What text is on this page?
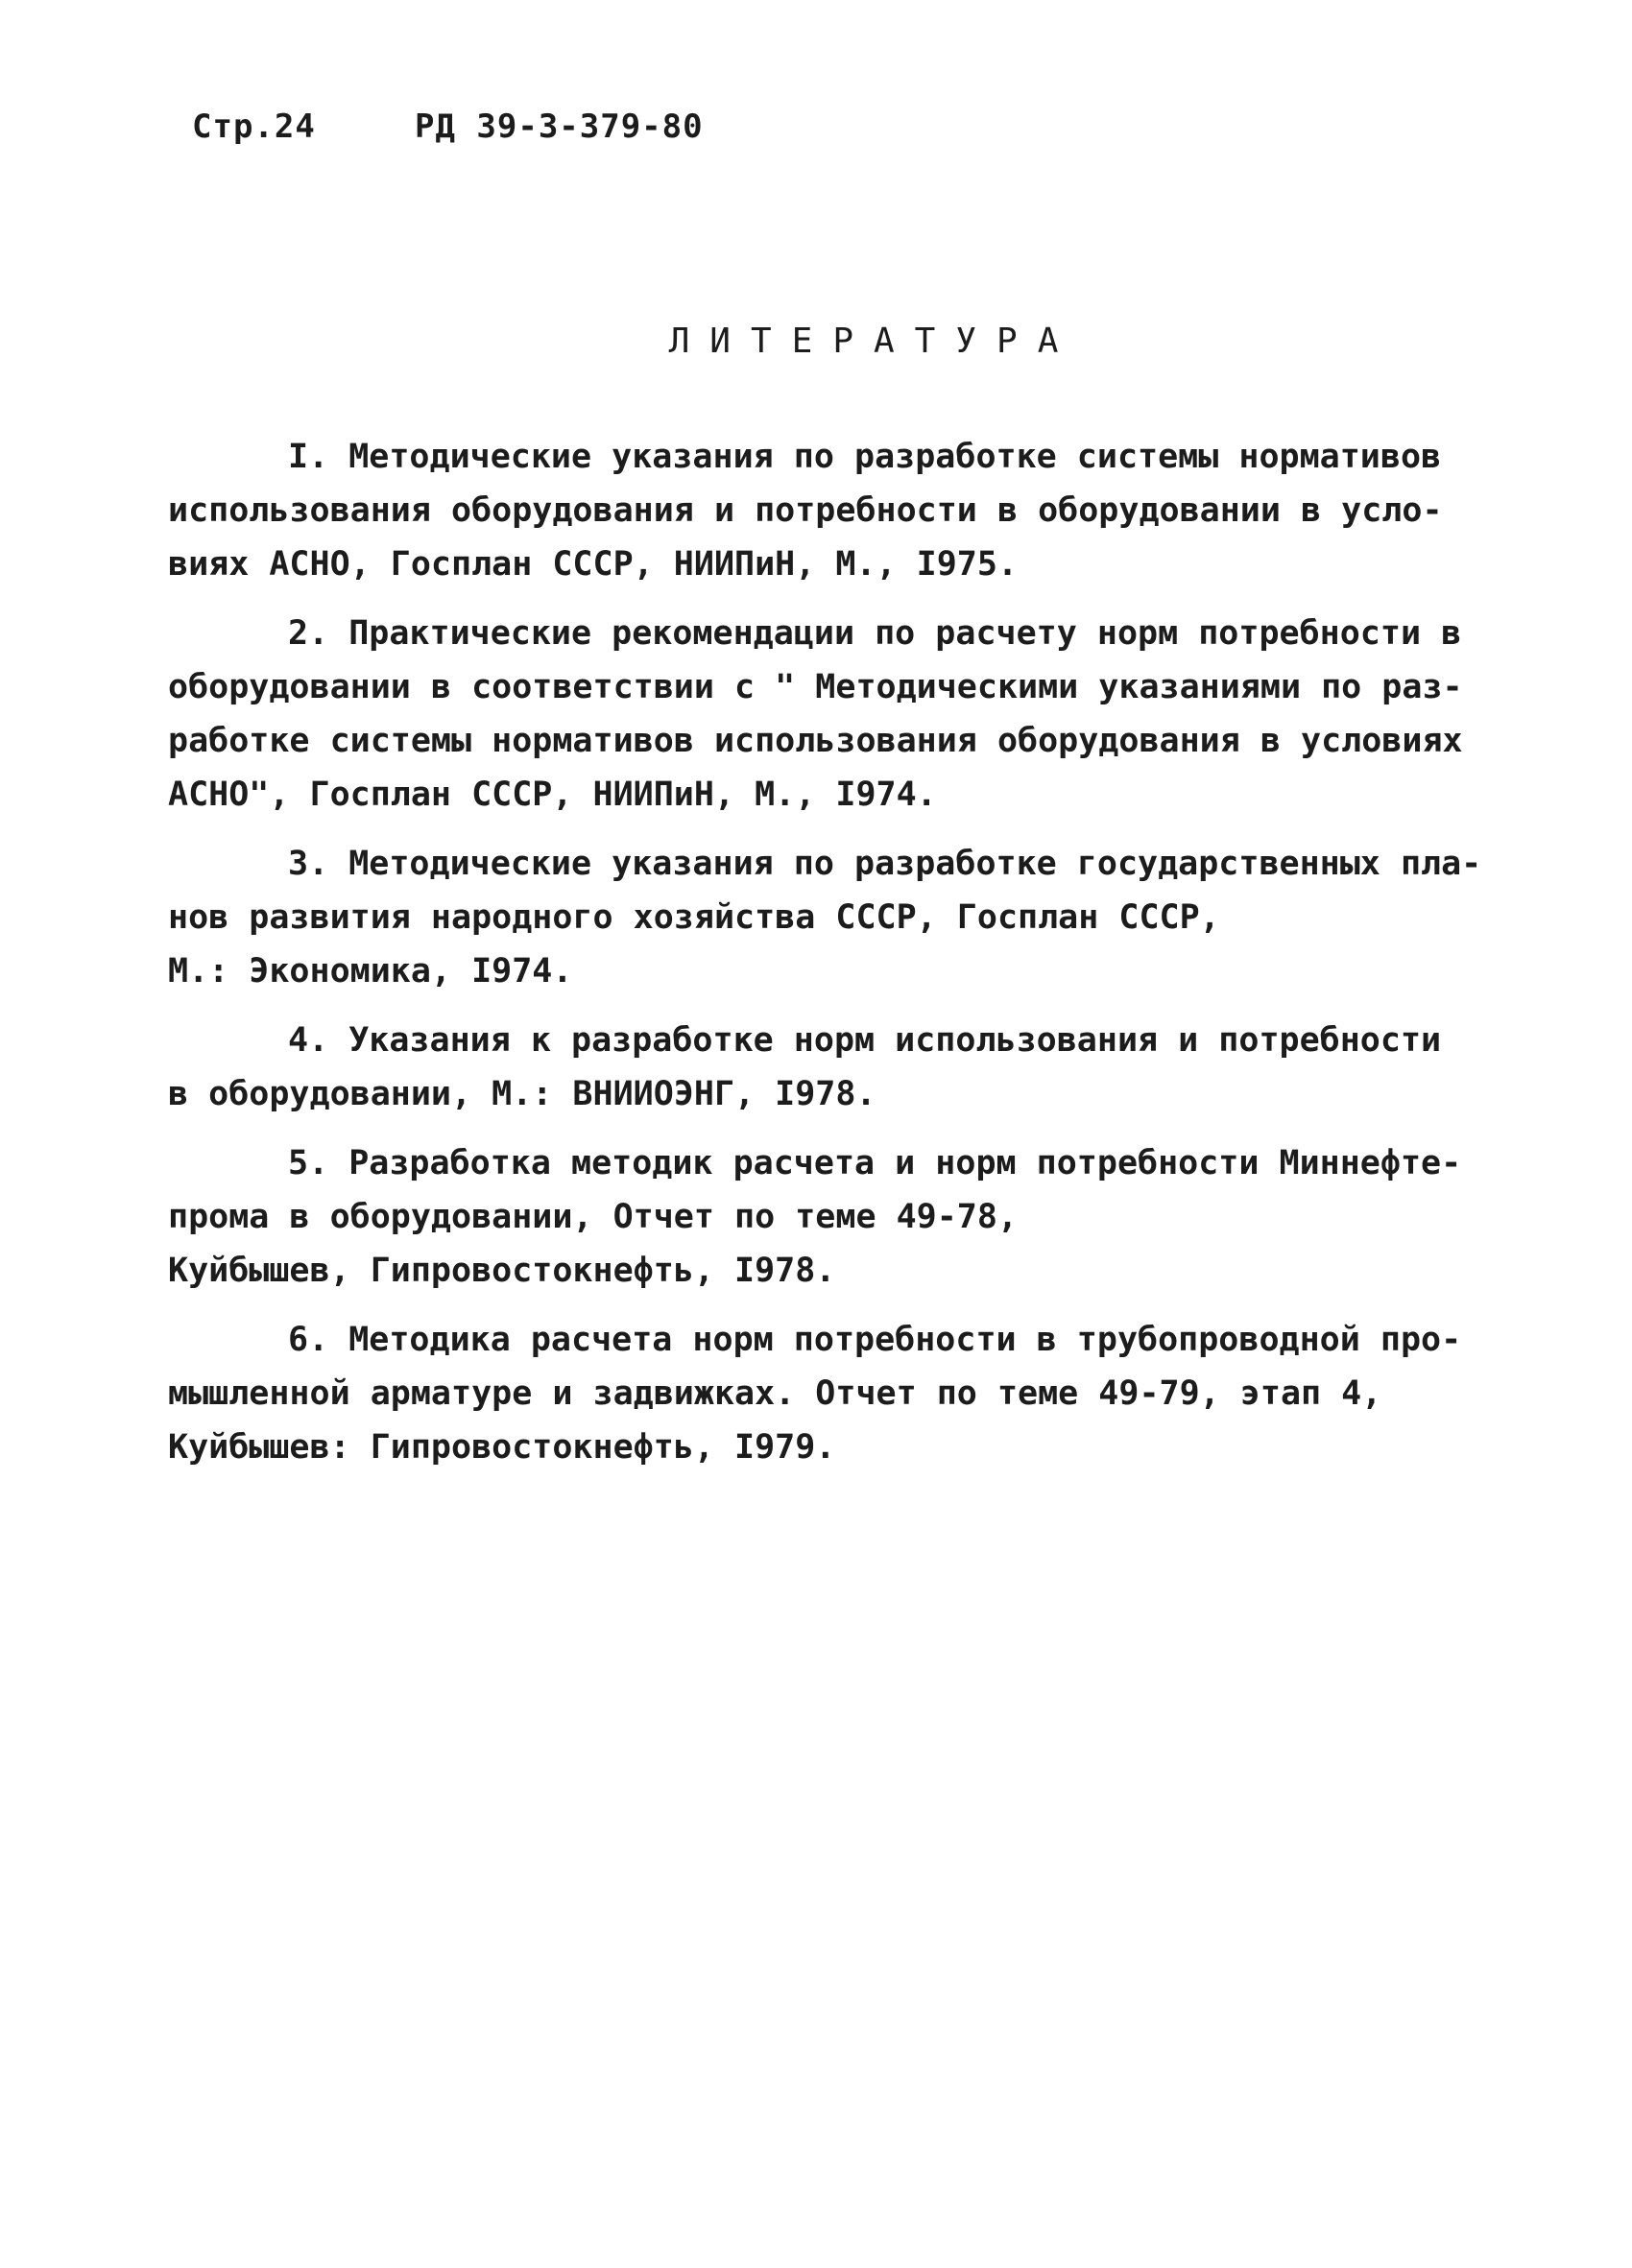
Стр.24	РД 39-3-379-80
ЛИТЕРАТУРА
I. Методические указания по разработке системы нормативов
использования оборудования и потребности в оборудовании в усло-
виях АСНО, Госплан СССР, НИИПиН, М., I975.
2. Практические рекомендации по расчету норм потребности в
оборудовании в соответствии с " Методическими указаниями по раз-
работке системы нормативов использования оборудования в условиях
АСНО", Госплан СССР, НИИПиН, М., I974.
3. Методические указания по разработке государственных пла-
нов развития народного хозяйства СССР, Госплан СССР,
М.: Экономика, I974.
4. Указания к разработке норм использования и потребности
в оборудовании, М.: ВНИИОЭНГ, I978.
5. Разработка методик расчета и норм потребности Миннефте-
прома в оборудовании, Отчет по теме 49-78,
Куйбышев, Гипровостокнефть, I978.
6. Методика расчета норм потребности в трубопроводной про-
мышленной арматуре и задвижках. Отчет по теме 49-79, этап 4,
Куйбышев: Гипровостокнефть, I979.
